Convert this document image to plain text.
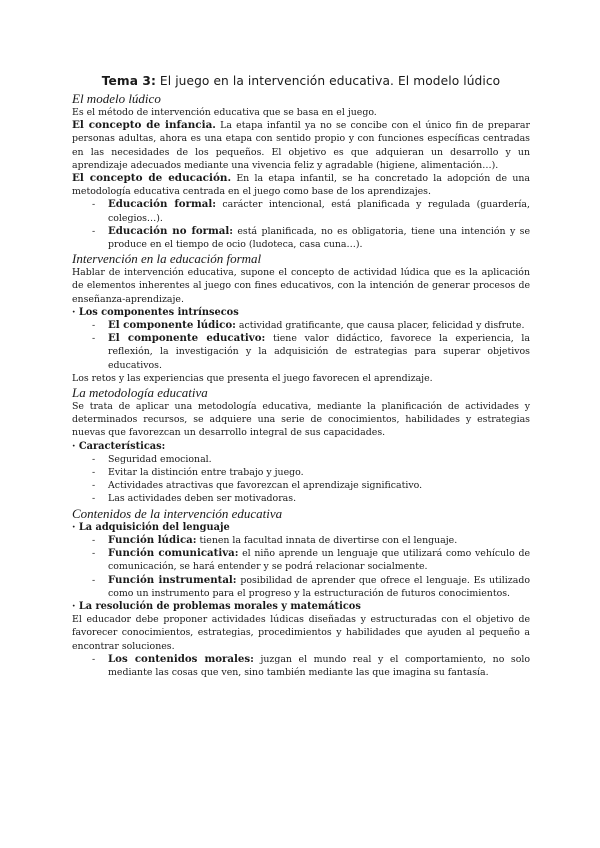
Tema 3: El juego en la intervención educativa. El modelo lúdico
El modelo lúdico

Es el método de intervención educativa que se basa en el juego.

El concepto de infancia. La etapa infantil ya no se concibe con el único fin de preparar personas adultas, ahora es una etapa con sentido propio y con funciones específicas centradas en las necesidades de los pequeños. El objetivo es que adquieran un desarrollo y un aprendizaje adecuados mediante una vivencia feliz y agradable (higiene, alimentación…).

El concepto de educación. En la etapa infantil, se ha concretado la adopción de una metodología educativa centrada en el juego como base de los aprendizajes.

- Educación formal: carácter intencional, está planificada y regulada (guardería, colegios…).
- Educación no formal: está planificada, no es obligatoria, tiene una intención y se produce en el tiempo de ocio (ludoteca, casa cuna…).
Intervención en la educación formal

Hablar de intervención educativa, supone el concepto de actividad lúdica que es la aplicación de elementos inherentes al juego con fines educativos, con la intención de generar procesos de enseñanza-aprendizaje.

· Los componentes intrínsecos
- El componente lúdico: actividad gratificante, que causa placer, felicidad y disfrute.
- El componente educativo: tiene valor didáctico, favorece la experiencia, la reflexión, la investigación y la adquisición de estrategias para superar objetivos educativos.

Los retos y las experiencias que presenta el juego favorecen el aprendizaje.

La metodología educativa

Se trata de aplicar una metodología educativa, mediante la planificación de actividades y determinados recursos, se adquiere una serie de conocimientos, habilidades y estrategias nuevas que favorezcan un desarrollo integral de sus capacidades.

· Características:
- Seguridad emocional.
- Evitar la distinción entre trabajo y juego.
- Actividades atractivas que favorezcan el aprendizaje significativo.
- Las actividades deben ser motivadoras.
Contenidos de la intervención educativa
· La adquisición del lenguaje
- Función lúdica: tienen la facultad innata de divertirse con el lenguaje.
- Función comunicativa: el niño aprende un lenguaje que utilizará como vehículo de comunicación, se hará entender y se podrá relacionar socialmente.
- Función instrumental: posibilidad de aprender que ofrece el lenguaje. Es utilizado como un instrumento para el progreso y la estructuración de futuros conocimientos.
· La resolución de problemas morales y matemáticos

El educador debe proponer actividades lúdicas diseñadas y estructuradas con el objetivo de favorecer conocimientos, estrategias, procedimientos y habilidades que ayuden al pequeño a encontrar soluciones.

- Los contenidos morales: juzgan el mundo real y el comportamiento, no solo mediante las cosas que ven, sino también mediante las que imagina su fantasía.
